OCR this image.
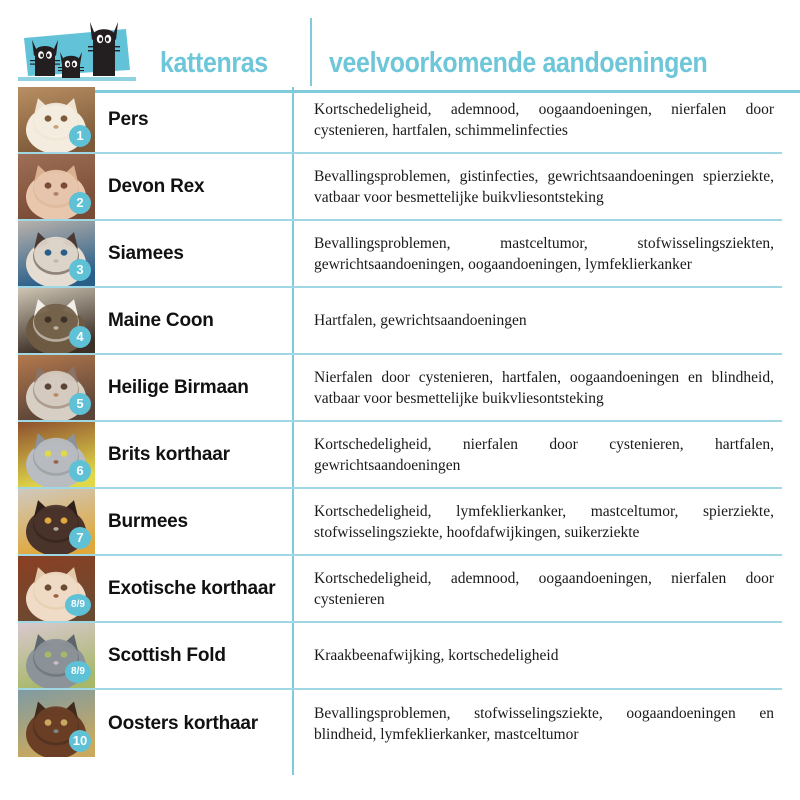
kattenras veelvoorkomende aandoeningen
1
Pers	Kortschedeligheid, ademnood, oogaandoeningen, nierfalen door cystenieren, hartfalen, schimmelinfecties
2
Devon Rex	Bevallingsproblemen, gistinfecties, gewrichtsaandoeningen spierziekte, vatbaar voor besmettelijke buikvliesontsteking
3
Siamees	Bevallingsproblemen, mastceltumor, stofwisselingsziekten, gewrichtsaandoeningen, oogaandoeningen, lymfeklierkanker
4
Maine Coon	Hartfalen, gewrichtsaandoeningen
5
Heilige Birmaan	Nierfalen door cystenieren, hartfalen, oogaandoeningen en blindheid, vatbaar voor besmettelijke buikvliesontsteking
6
Brits korthaar	Kortschedeligheid, nierfalen door cystenieren, hartfalen, gewrichtsaandoeningen
7
Burmees	Kortschedeligheid, lymfeklierkanker, mastceltumor, spierziekte, stofwisselingsziekte, hoofdafwijkingen, suikerziekte
8/9
Exotische korthaar	Kortschedeligheid, ademnood, oogaandoeningen, nierfalen door cystenieren
8/9
Scottish Fold	Kraakbeenafwijking, kortschedeligheid
10
Oosters korthaar	Bevallingsproblemen, stofwisselingsziekte, oogaandoeningen en blindheid, lymfeklierkanker, mastceltumor
